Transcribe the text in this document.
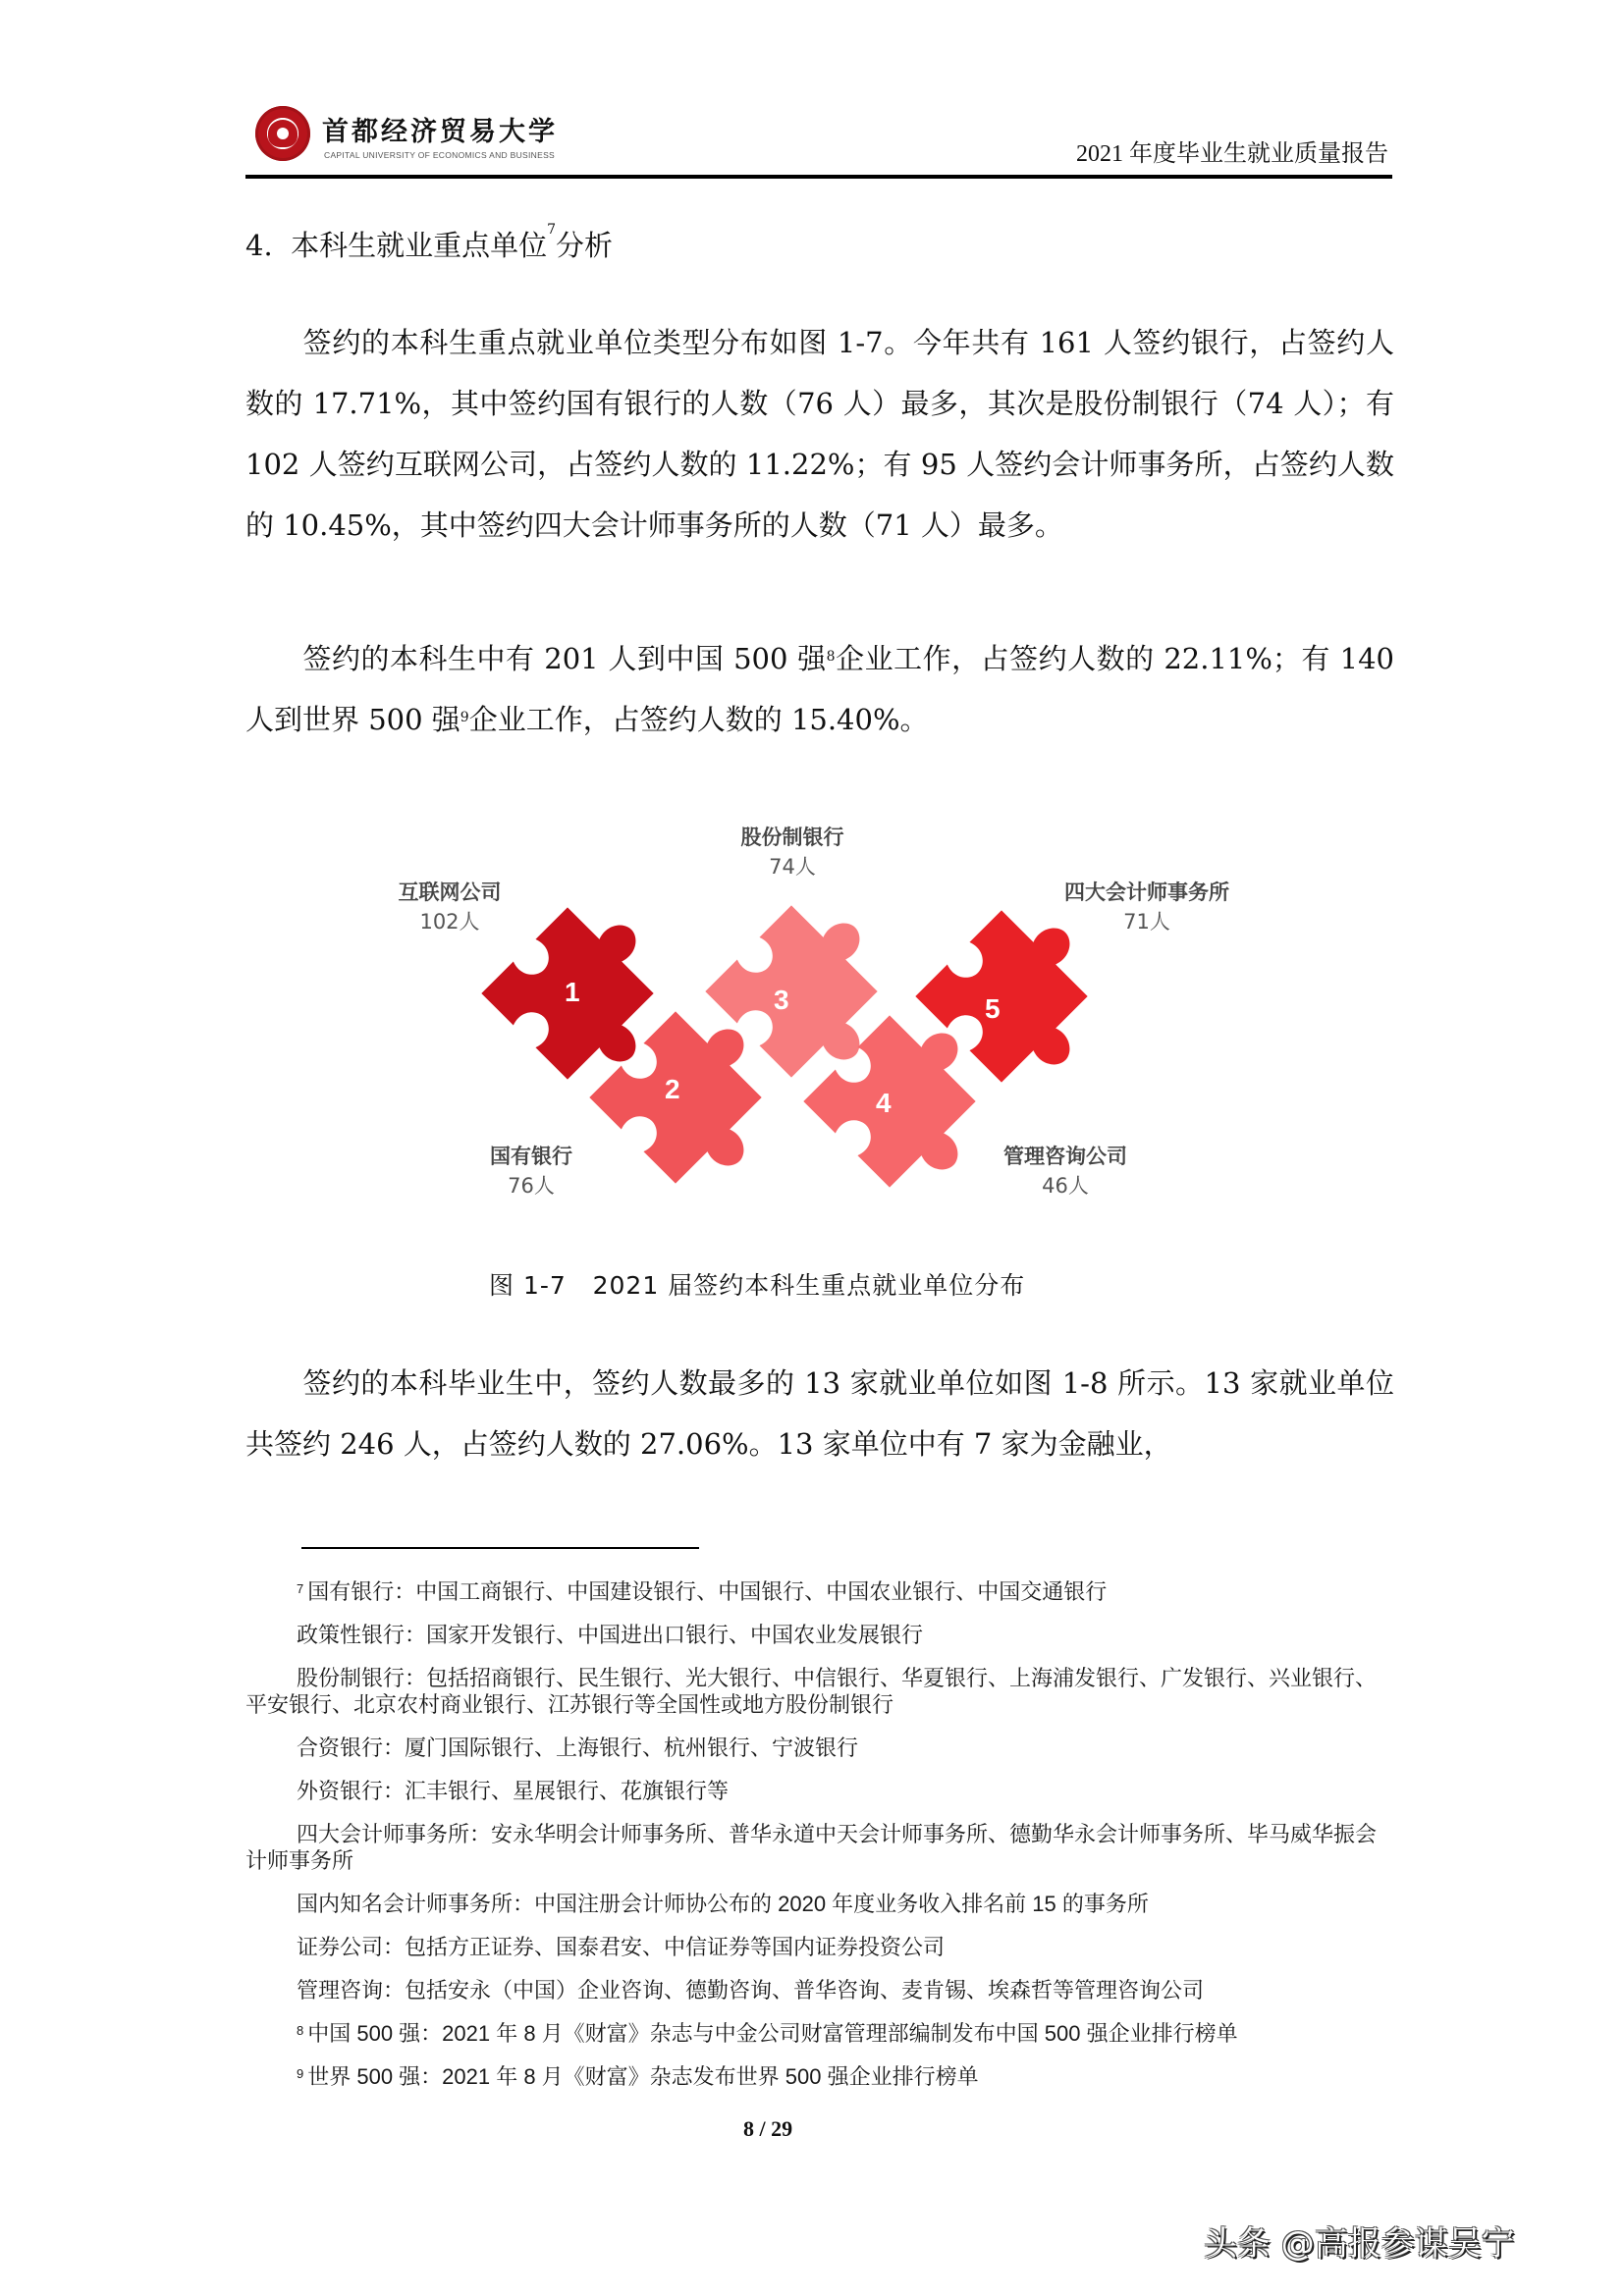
首都经济贸易大学
CAPITAL UNIVERSITY OF ECONOMICS AND BUSINESS	2021 年度毕业生就业质量报告
4. 本科生就业重点单位$^7$分析
签约的本科生重点就业单位类型分布如图 1-7。今年共有 161 人签约银行，占签约人数的 17.71%，其中签约国有银行的人数（76 人）最多，其次是股份制银行（74 人）；有 102 人签约互联网公司，占签约人数的 11.22%；有 95 人签约会计师事务所，占签约人数的 10.45%，其中签约四大会计师事务所的人数（71 人）最多。
签约的本科生中有 201 人到中国 500 强$^8$企业工作，占签约人数的 22.11%；有 140 人到世界 500 强$^9$企业工作，占签约人数的 15.40%。
1
2
3
4
5
互联网公司
102人
国有银行
76人
股份制银行
74人
管理咨询公司
46人
四大会计师事务所
71人
图 1-7   2021 届签约本科生重点就业单位分布
签约的本科毕业生中，签约人数最多的 13 家就业单位如图 1-8 所示。13 家就业单位共签约 246 人，占签约人数的 27.06%。13 家单位中有 7 家为金融业，
$^7$ 国有银行：中国工商银行、中国建设银行、中国银行、中国农业银行、中国交通银行
政策性银行：国家开发银行、中国进出口银行、中国农业发展银行
股份制银行：包括招商银行、民生银行、光大银行、中信银行、华夏银行、上海浦发银行、广发银行、兴业银行、平安银行、北京农村商业银行、江苏银行等全国性或地方股份制银行
合资银行：厦门国际银行、上海银行、杭州银行、宁波银行
外资银行：汇丰银行、星展银行、花旗银行等
四大会计师事务所：安永华明会计师事务所、普华永道中天会计师事务所、德勤华永会计师事务所、毕马威华振会计师事务所
国内知名会计师事务所：中国注册会计师协公布的 2020 年度业务收入排名前 15 的事务所
证券公司：包括方正证券、国泰君安、中信证券等国内证券投资公司
管理咨询：包括安永（中国）企业咨询、德勤咨询、普华咨询、麦肯锡、埃森哲等管理咨询公司
$^8$ 中国 500 强：2021 年 8 月《财富》杂志与中金公司财富管理部编制发布中国 500 强企业排行榜单
$^9$ 世界 500 强：2021 年 8 月《财富》杂志发布世界 500 强企业排行榜单
8 / 29
头条 @高报参谋吴宁
